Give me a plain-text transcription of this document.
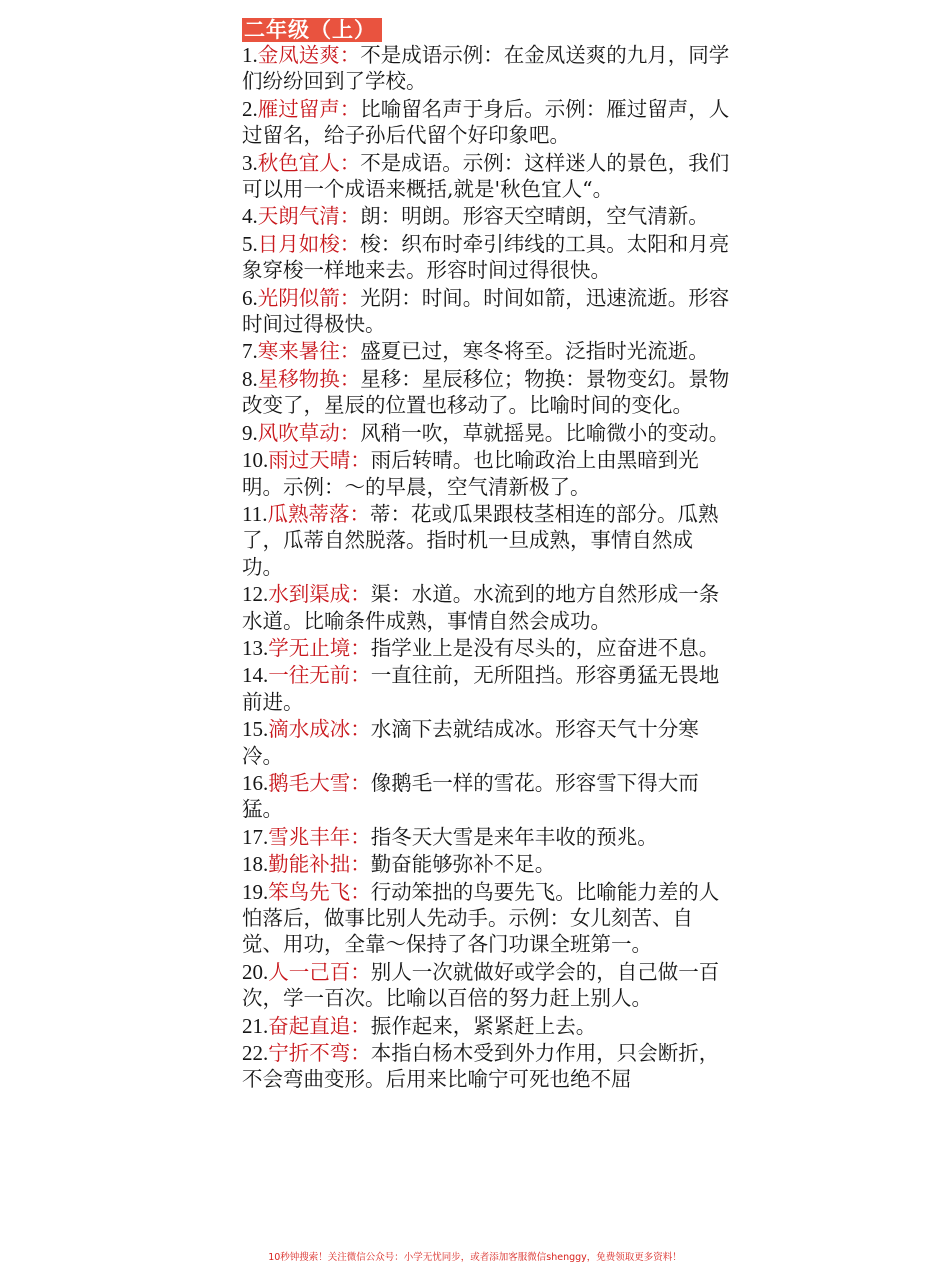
二年级（上）
1.金凤送爽：不是成语示例：在金凤送爽的九月，同学们纷纷回到了学校。
2.雁过留声：比喻留名声于身后。示例：雁过留声，人过留名，给子孙后代留个好印象吧。
3.秋色宜人：不是成语。示例：这样迷人的景色，我们可以用一个成语来概括,就是'秋色宜人“。
4.天朗气清：朗：明朗。形容天空晴朗，空气清新。
5.日月如梭：梭：织布时牵引纬线的工具。太阳和月亮象穿梭一样地来去。形容时间过得很快。
6.光阴似箭：光阴：时间。时间如箭，迅速流逝。形容时间过得极快。
7.寒来暑往：盛夏已过，寒冬将至。泛指时光流逝。
8.星移物换：星移：星辰移位；物换：景物变幻。景物改变了，星辰的位置也移动了。比喻时间的变化。
9.风吹草动：风稍一吹，草就摇晃。比喻微小的变动。
10.雨过天晴：雨后转晴。也比喻政治上由黑暗到光明。示例：～的早晨，空气清新极了。
11.瓜熟蒂落：蒂：花或瓜果跟枝茎相连的部分。瓜熟了，瓜蒂自然脱落。指时机一旦成熟，事情自然成功。
12.水到渠成：渠：水道。水流到的地方自然形成一条水道。比喻条件成熟，事情自然会成功。
13.学无止境：指学业上是没有尽头的，应奋进不息。
14.一往无前：一直往前，无所阻挡。形容勇猛无畏地前进。
15.滴水成冰：水滴下去就结成冰。形容天气十分寒冷。
16.鹅毛大雪：像鹅毛一样的雪花。形容雪下得大而猛。
17.雪兆丰年：指冬天大雪是来年丰收的预兆。
18.勤能补拙：勤奋能够弥补不足。
19.笨鸟先飞：行动笨拙的鸟要先飞。比喻能力差的人怕落后，做事比别人先动手。示例：女儿刻苦、自觉、用功，全靠～保持了各门功课全班第一。
20.人一己百：别人一次就做好或学会的，自己做一百次，学一百次。比喻以百倍的努力赶上别人。
21.奋起直追：振作起来，紧紧赶上去。
22.宁折不弯：本指白杨木受到外力作用，只会断折，不会弯曲变形。后用来比喻宁可死也绝不屈
10秒钟搜索！关注微信公众号：小学无忧同步，或者添加客服微信shenggy，免费领取更多资料！
